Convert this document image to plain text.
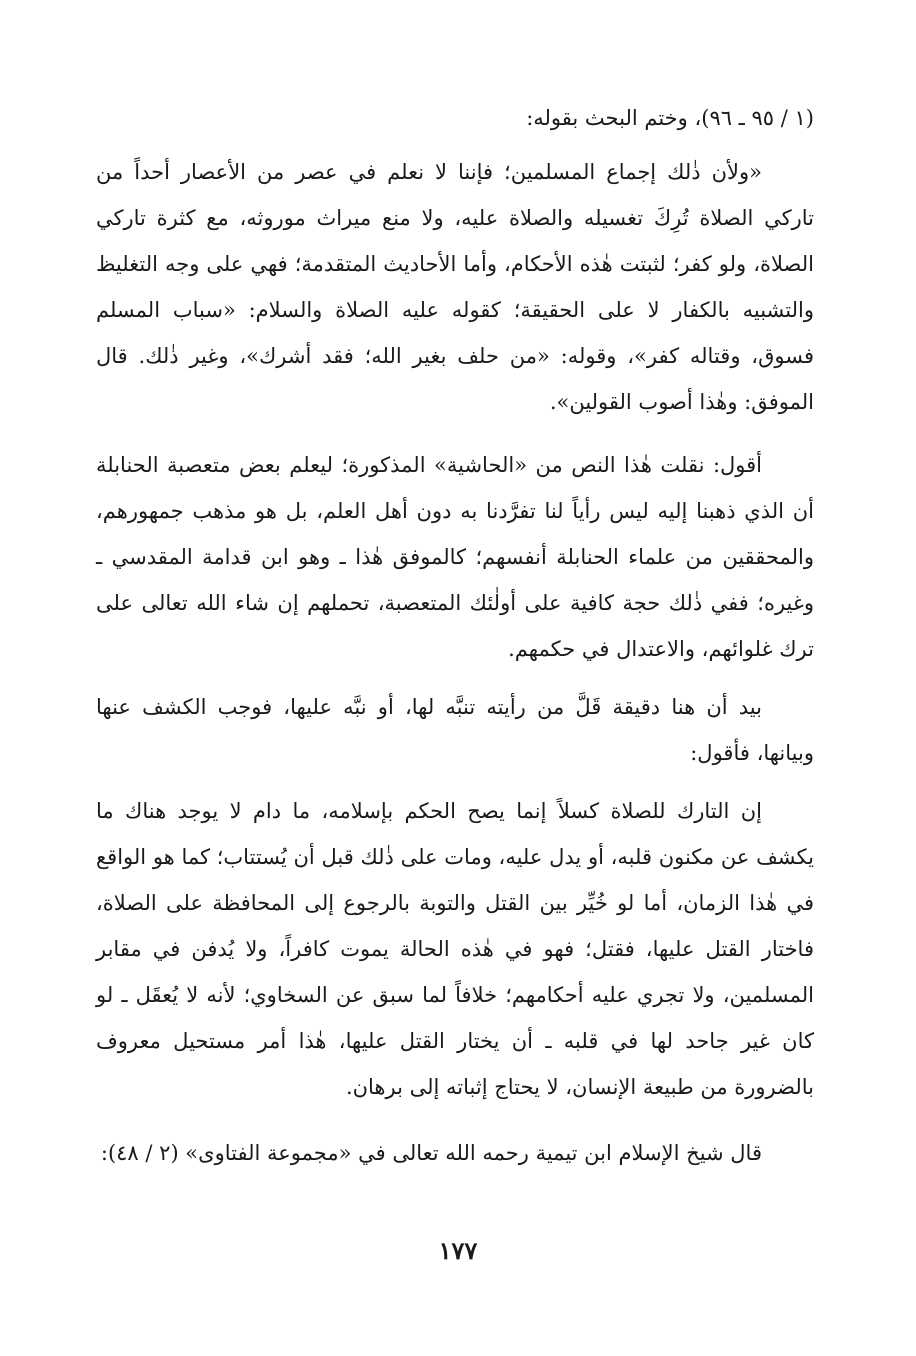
(١ / ٩٥ ـ ٩٦)، وختم البحث بقوله:

«ولأن ذٰلك إجماع المسلمين؛ فإننا لا نعلم في عصر من الأعصار أحداً من تاركي الصلاة تُرِكَ تغسيله والصلاة عليه، ولا منع ميراث موروثه، مع كثرة تاركي الصلاة، ولو كفر؛ لثبتت هٰذه الأحكام، وأما الأحاديث المتقدمة؛ فهي على وجه التغليظ والتشبيه بالكفار لا على الحقيقة؛ كقوله عليه الصلاة والسلام: «سباب المسلم فسوق، وقتاله كفر»، وقوله: «من حلف بغير الله؛ فقد أشرك»، وغير ذٰلك. قال الموفق: وهٰذا أصوب القولين».

أقول: نقلت هٰذا النص من «الحاشية» المذكورة؛ ليعلم بعض متعصبة الحنابلة أن الذي ذهبنا إليه ليس رأياً لنا تفرَّدنا به دون أهل العلم، بل هو مذهب جمهورهم، والمحققين من علماء الحنابلة أنفسهم؛ كالموفق هٰذا ـ وهو ابن قدامة المقدسي ـ وغيره؛ ففي ذٰلك حجة كافية على أولٰئك المتعصبة، تحملهم إن شاء الله تعالى على ترك غلوائهم، والاعتدال في حكمهم.

بيد أن هنا دقيقة قَلَّ من رأيته تنبَّه لها، أو نبَّه عليها، فوجب الكشف عنها وبيانها، فأقول:

إن التارك للصلاة كسلاً إنما يصح الحكم بإسلامه، ما دام لا يوجد هناك ما يكشف عن مكنون قلبه، أو يدل عليه، ومات على ذٰلك قبل أن يُستتاب؛ كما هو الواقع في هٰذا الزمان، أما لو خُيِّر بين القتل والتوبة بالرجوع إلى المحافظة على الصلاة، فاختار القتل عليها، فقتل؛ فهو في هٰذه الحالة يموت كافراً، ولا يُدفن في مقابر المسلمين، ولا تجري عليه أحكامهم؛ خلافاً لما سبق عن السخاوي؛ لأنه لا يُعقَل ـ لو كان غير جاحد لها في قلبه ـ أن يختار القتل عليها، هٰذا أمر مستحيل معروف بالضرورة من طبيعة الإنسان، لا يحتاج إثباته إلى برهان.

قال شيخ الإسلام ابن تيمية رحمه الله تعالى في «مجموعة الفتاوى» (٢ / ٤٨):

١٧٧
